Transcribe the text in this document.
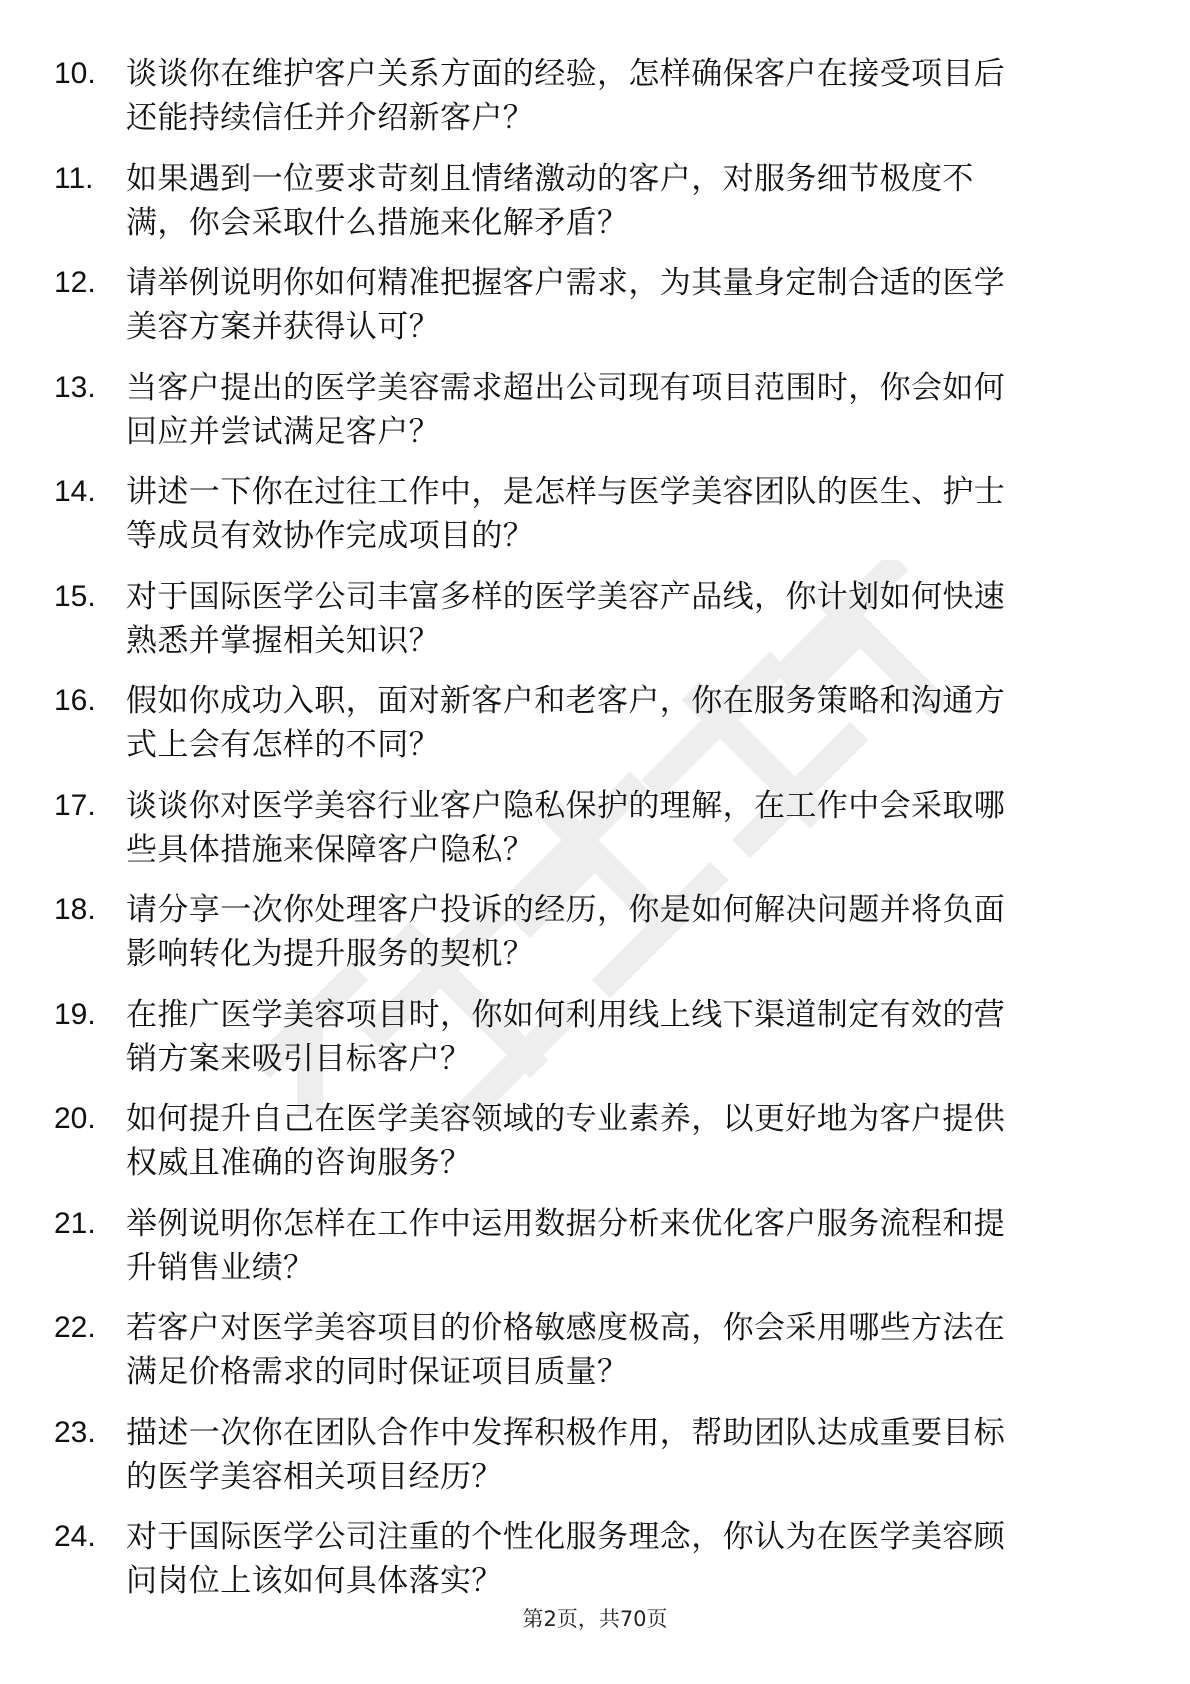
10. 谈谈你在维护客户关系方面的经验，怎样确保客户在接受项目后
还能持续信任并介绍新客户？
11.	如果遇到一位要求苛刻且情绪激动的客户，对服务细节极度不
满，你会采取什么措施来化解矛盾？
12. 请举例说明你如何精准把握客户需求，为其量身定制合适的医学
美容方案并获得认可？
13. 当客户提出的医学美容需求超出公司现有项目范围时，你会如何
回应并尝试满足客户？
14. 讲述一下你在过往工作中，是怎样与医学美容团队的医生、护士
等成员有效协作完成项目的？
15. 对于国际医学公司丰富多样的医学美容产品线，你计划如何快速
熟悉并掌握相关知识？
16. 假如你成功入职，面对新客户和老客户，你在服务策略和沟通方
式上会有怎样的不同？
17. 谈谈你对医学美容行业客户隐私保护的理解，在工作中会采取哪
些具体措施来保障客户隐私？
18. 请分享一次你处理客户投诉的经历，你是如何解决问题并将负面
影响转化为提升服务的契机？
19. 在推广医学美容项目时，你如何利用线上线下渠道制定有效的营
销方案来吸引目标客户？
20. 如何提升自己在医学美容领域的专业素养，以更好地为客户提供
权威且准确的咨询服务？
21. 举例说明你怎样在工作中运用数据分析来优化客户服务流程和提
升销售业绩？
22. 若客户对医学美容项目的价格敏感度极高，你会采用哪些方法在
满足价格需求的同时保证项目质量？
23. 描述一次你在团队合作中发挥积极作用，帮助团队达成重要目标
的医学美容相关项目经历？
24. 对于国际医学公司注重的个性化服务理念，你认为在医学美容顾
问岗位上该如何具体落实？
第2页，共70页
